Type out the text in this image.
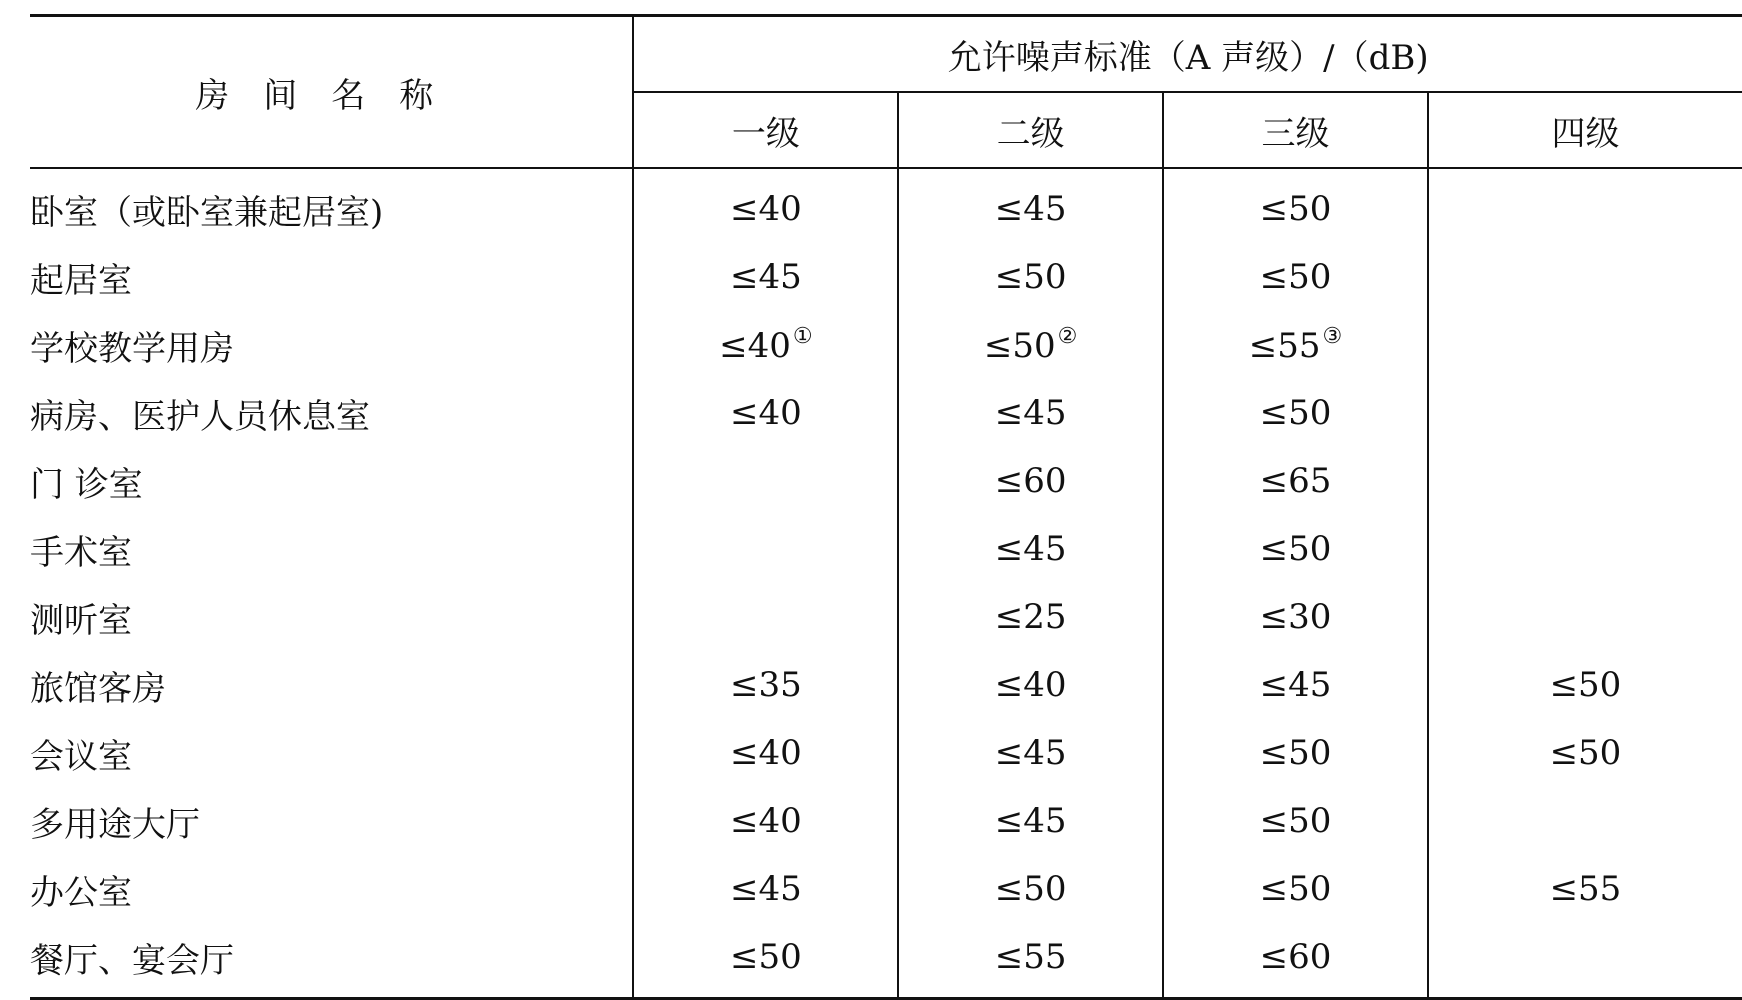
房间名称	允许噪声标准（A 声级）/（dB)			
	一级	二级	三级	四级
卧室（或卧室兼起居室)	≤40	≤45	≤50	
起居室	≤45	≤50	≤50	
学校教学用房	≤40①	≤50②	≤55③	
病房、医护人员休息室	≤40	≤45	≤50	
门 诊室		≤60	≤65	
手术室		≤45	≤50	
测听室		≤25	≤30	
旅馆客房	≤35	≤40	≤45	≤50
会议室	≤40	≤45	≤50	≤50
多用途大厅	≤40	≤45	≤50	
办公室	≤45	≤50	≤50	≤55
餐厅、宴会厅	≤50	≤55	≤60	
